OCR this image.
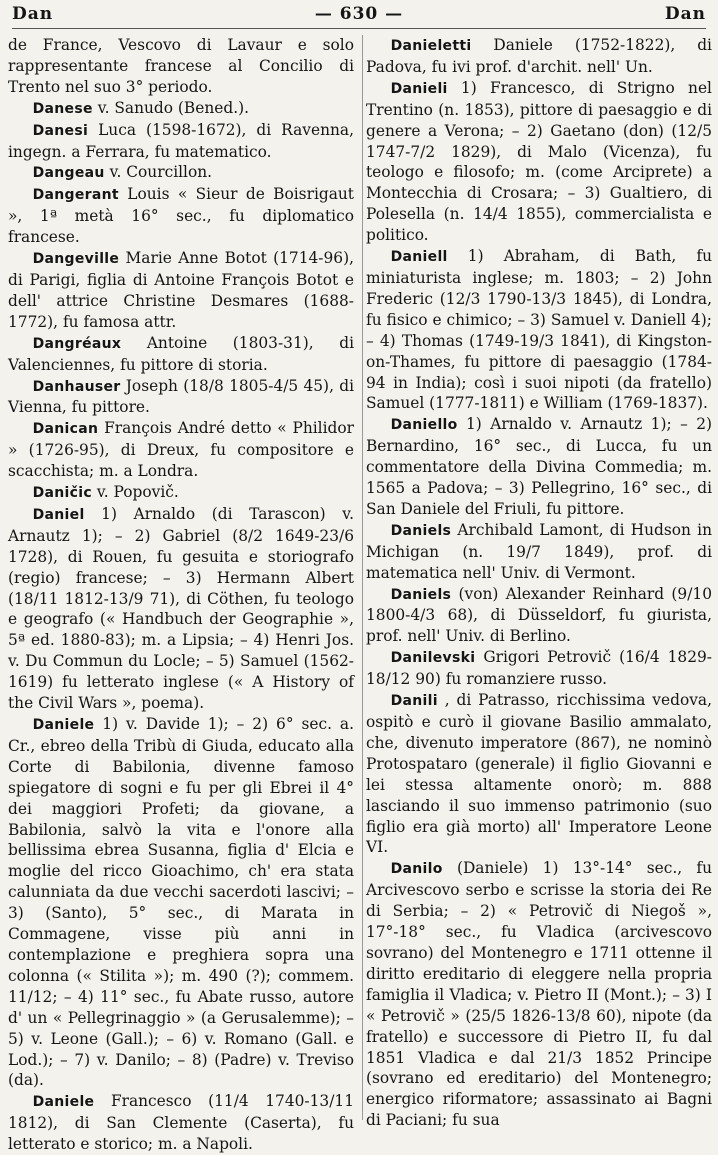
Dan	— 630 —	Dan

de France, Vescovo di Lavaur e solo rappresentante francese al Concilio di Trento nel suo 3° periodo.

Danese v. Sanudo (Bened.).

Danesi Luca (1598-1672), di Ravenna, ingegn. a Ferrara, fu matematico.

Dangeau v. Courcillon.

Dangerant Louis « Sieur de Boisrigaut », 1ª metà 16° sec., fu diplomatico francese.

Dangeville Marie Anne Botot (1714-96), di Parigi, figlia di Antoine François Botot e dell' attrice Christine Desmares (1688-1772), fu famosa attr.

Dangréaux Antoine (1803-31), di Valenciennes, fu pittore di storia.

Danhauser Joseph (18/8 1805-4/5 45), di Vienna, fu pittore.

Danican François André detto « Philidor » (1726-95), di Dreux, fu compositore e scacchista; m. a Londra.

Daničic v. Popovič.

Daniel 1) Arnaldo (di Tarascon) v. Arnautz 1); – 2) Gabriel (8/2 1649-23/6 1728), di Rouen, fu gesuita e storiografo (regio) francese; – 3) Hermann Albert (18/11 1812-13/9 71), di Cöthen, fu teologo e geografo (« Handbuch der Geographie », 5ª ed. 1880-83); m. a Lipsia; – 4) Henri Jos. v. Du Commun du Locle; – 5) Samuel (1562-1619) fu letterato inglese (« A History of the Civil Wars », poema).

Daniele 1) v. Davide 1); – 2) 6° sec. a. Cr., ebreo della Tribù di Giuda, educato alla Corte di Babilonia, divenne famoso spiegatore di sogni e fu per gli Ebrei il 4° dei maggiori Profeti; da giovane, a Babilonia, salvò la vita e l'onore alla bellissima ebrea Susanna, figlia d' Elcia e moglie del ricco Gioachimo, ch' era stata calunniata da due vecchi sacerdoti lascivi; – 3) (Santo), 5° sec., di Marata in Commagene, visse più anni in contemplazione e preghiera sopra una colonna (« Stilita »); m. 490 (?); commem. 11/12; – 4) 11° sec., fu Abate russo, autore d' un « Pellegrinaggio » (a Gerusalemme); – 5) v. Leone (Gall.); – 6) v. Romano (Gall. e Lod.); – 7) v. Danilo; – 8) (Padre) v. Treviso (da).

Daniele Francesco (11/4 1740-13/11 1812), di San Clemente (Caserta), fu letterato e storico; m. a Napoli.

Danieletti Daniele (1752-1822), di Padova, fu ivi prof. d'archit. nell' Un.

Danieli 1) Francesco, di Strigno nel Trentino (n. 1853), pittore di paesaggio e di genere a Verona; – 2) Gaetano (don) (12/5 1747-7/2 1829), di Malo (Vicenza), fu teologo e filosofo; m. (come Arciprete) a Montecchia di Crosara; – 3) Gualtiero, di Polesella (n. 14/4 1855), commercialista e politico.

Daniell 1) Abraham, di Bath, fu miniaturista inglese; m. 1803; – 2) John Frederic (12/3 1790-13/3 1845), di Londra, fu fisico e chimico; – 3) Samuel v. Daniell 4); – 4) Thomas (1749-19/3 1841), di Kingston-on-Thames, fu pittore di paesaggio (1784-94 in India); così i suoi nipoti (da fratello) Samuel (1777-1811) e William (1769-1837).

Daniello 1) Arnaldo v. Arnautz 1); – 2) Bernardino, 16° sec., di Lucca, fu un commentatore della Divina Commedia; m. 1565 a Padova; – 3) Pellegrino, 16° sec., di San Daniele del Friuli, fu pittore.

Daniels Archibald Lamont, di Hudson in Michigan (n. 19/7 1849), prof. di matematica nell' Univ. di Vermont.

Daniels (von) Alexander Reinhard (9/10 1800-4/3 68), di Düsseldorf, fu giurista, prof. nell' Univ. di Berlino.

Danilevski Grigori Petrovič (16/4 1829-18/12 90) fu romanziere russo.

Danili , di Patrasso, ricchissima vedova, ospitò e curò il giovane Basilio ammalato, che, divenuto imperatore (867), ne nominò Protospataro (generale) il figlio Giovanni e lei stessa altamente onorò; m. 888 lasciando il suo immenso patrimonio (suo figlio era già morto) all' Imperatore Leone VI.

Danilo (Daniele) 1) 13°-14° sec., fu Arcivescovo serbo e scrisse la storia dei Re di Serbia; – 2) « Petrovič di Niegoš », 17°-18° sec., fu Vladica (arcivescovo sovrano) del Montenegro e 1711 ottenne il diritto ereditario di eleggere nella propria famiglia il Vladica; v. Pietro II (Mont.); – 3) I « Petrovič » (25/5 1826-13/8 60), nipote (da fratello) e successore di Pietro II, fu dal 1851 Vladica e dal 21/3 1852 Principe (sovrano ed ereditario) del Montenegro; energico riformatore; assassinato ai Bagni di Paciani; fu sua
